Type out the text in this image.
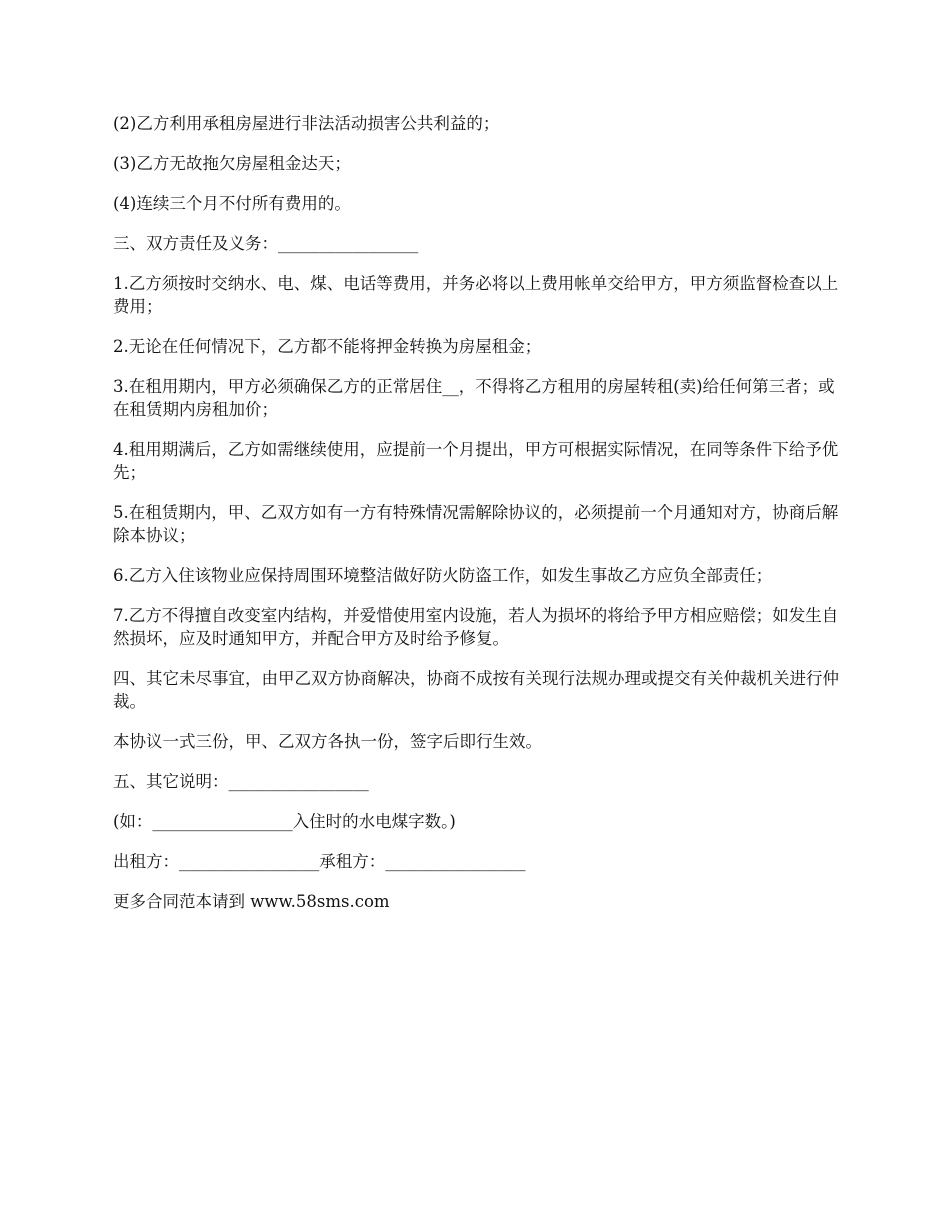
(2)乙方利用承租房屋进行非法活动损害公共利益的；

(3)乙方无故拖欠房屋租金达天；

(4)连续三个月不付所有费用的。

三、双方责任及义务：_________________

1.乙方须按时交纳水、电、煤、电话等费用，并务必将以上费用帐单交给甲方，甲方须监督检查以上费用；

2.无论在任何情况下，乙方都不能将押金转换为房屋租金；

3.在租用期内，甲方必须确保乙方的正常居住__，不得将乙方租用的房屋转租(卖)给任何第三者；或在租赁期内房租加价；

4.租用期满后，乙方如需继续使用，应提前一个月提出，甲方可根据实际情况，在同等条件下给予优先；

5.在租赁期内，甲、乙双方如有一方有特殊情况需解除协议的，必须提前一个月通知对方，协商后解除本协议；

6.乙方入住该物业应保持周围环境整洁做好防火防盗工作，如发生事故乙方应负全部责任；

7.乙方不得擅自改变室内结构，并爱惜使用室内设施，若人为损坏的将给予甲方相应赔偿；如发生自然损坏，应及时通知甲方，并配合甲方及时给予修复。

四、其它未尽事宜，由甲乙双方协商解决，协商不成按有关现行法规办理或提交有关仲裁机关进行仲裁。

本协议一式三份，甲、乙双方各执一份，签字后即行生效。

五、其它说明：_________________

(如：_________________入住时的水电煤字数。)

出租方：_________________承租方：_________________

更多合同范本请到 www.58sms.com
